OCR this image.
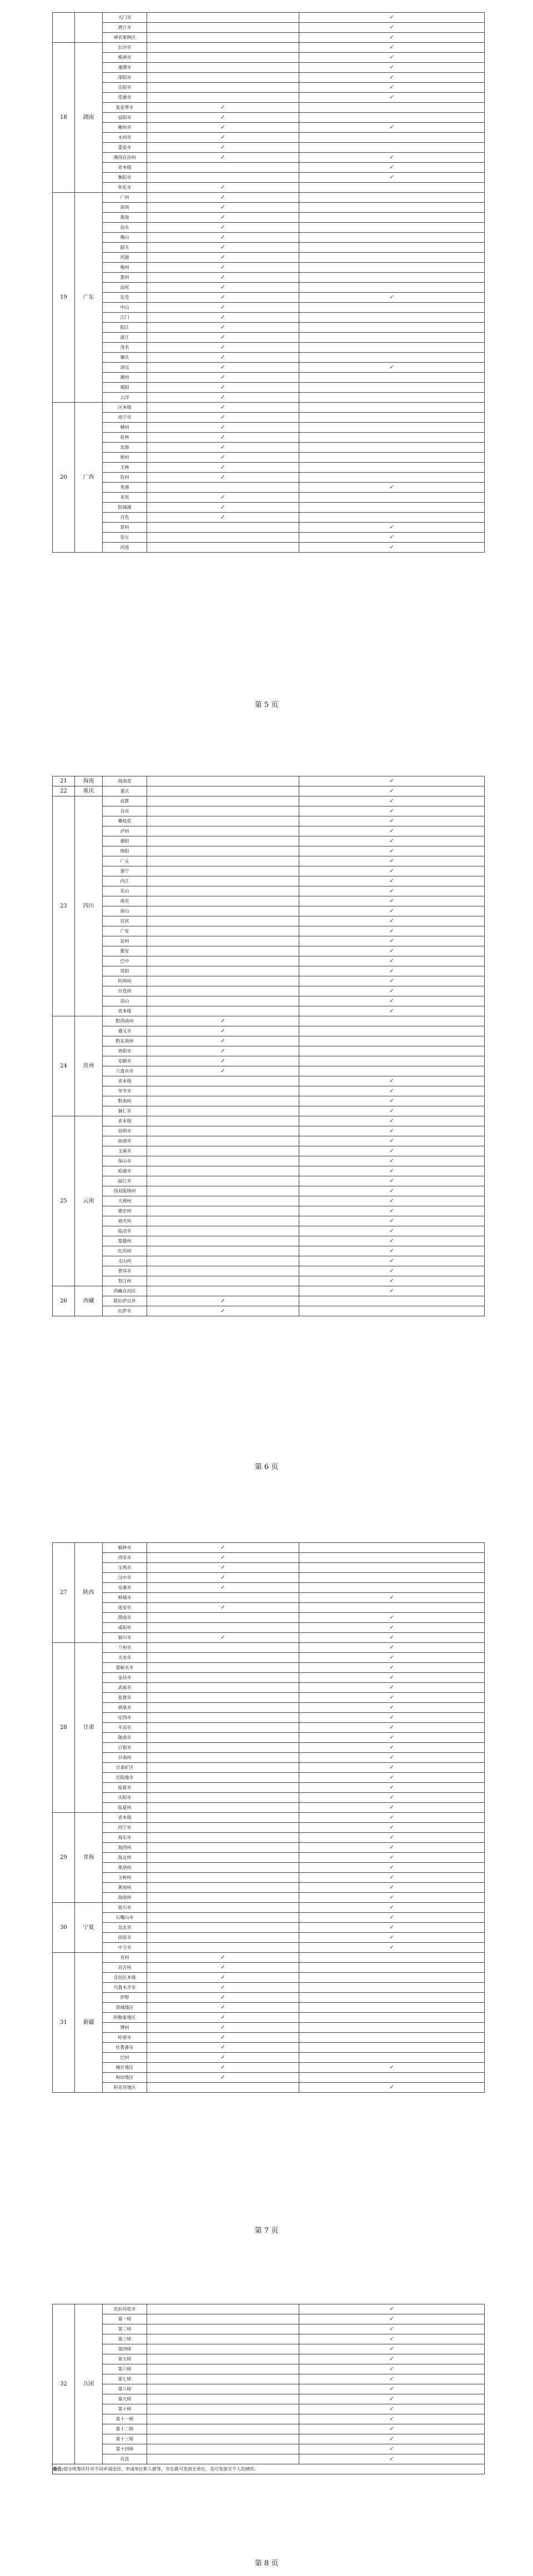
		天门市		✓
		潜江市		✓
		神农架林区		✓
18	湖南	长沙市		✓
		株洲市		✓
		湘潭市		✓
		邵阳市		✓
		岳阳市		✓
		常德市		✓
		张家界市	✓	
		益阳市	✓	
		郴州市	✓	✓
		永州市	✓	
		娄底市	✓	
		湘西自治州	✓	✓
		省本级		✓
		衡阳市		✓
		怀化市	✓	
19	广东	广州	✓	
		深圳	✓	
		珠海	✓	
		汕头	✓	
		佛山	✓	
		韶关	✓	
		河源	✓	
		梅州	✓	
		惠州	✓	
		汕尾	✓	
		东莞	✓	✓
		中山	✓	
		江门	✓	
		阳江	✓	
		湛江	✓	
		茂名	✓	
		肇庆	✓	
		清远	✓	✓
		潮州	✓	
		揭阳	✓	
		云浮	✓	
20	广西	区本级	✓	
		南宁市	✓	
		柳州	✓	
		桂林	✓	
		北海	✓	
		梧州	✓	
		玉林	✓	
		钦州	✓	
		贵港		✓
		来宾	✓	
		防城港	✓	
		百色	✓	
		贺州		✓
		崇左		✓
		河池		✓
第 5 页
21	海南	海南省		✓
22	重庆	重庆		✓
23	四川	成都		✓
		自贡		✓
		攀枝花		✓
		泸州		✓
		德阳		✓
		绵阳		✓
		广元		✓
		遂宁		✓
		内江		✓
		乐山		✓
		南充		✓
		眉山		✓
		宜宾		✓
		广安		✓
		达州		✓
		雅安		✓
		巴中		✓
		资阳		✓
		阿坝州		✓
		甘孜州		✓
		凉山		✓
		省本级		✓
24	贵州	黔西南州	✓	
		遵义市	✓	
		黔东南州	✓	
		贵阳市	✓	
		安顺市	✓	
		六盘水市	✓	
		省本级		✓
		毕节市		✓
		黔南州		✓
		铜仁市		✓
25	云南	省本级		✓
		昆明市		✓
		曲靖市		✓
		玉溪市		✓
		保山市		✓
		昭通市		✓
		丽江市		✓
		西双版纳州		✓
		大理州		✓
		德宏州		✓
		迪庆州		✓
		临沧市		✓
		楚雄州		✓
		红河州		✓
		文山州		✓
		普洱市		✓
		怒江州		✓
26	西藏	西藏自治区		✓
		除拉萨以外	✓	
		拉萨市	✓	
第 6 页
27	陕西	榆林市	✓	
		西安市	✓	
		宝鸡市	✓	
		汉中市	✓	
		安康市	✓	
		韩城市		✓
		延安市	✓	
		渭南市		✓
		咸阳市		✓
		铜川市	✓	✓
28	甘肃	兰州市		✓
		天水市		✓
		嘉峪关市		✓
		金昌市		✓
		武威市		✓
		张掖市		✓
		酒泉市		✓
		定西市		✓
		平凉市		✓
		陇南市		✓
		白银市		✓
		甘南州		✓
		甘肃矿区		✓
		庆阳地市		✓
		临夏市		✓
		庆阳市		✓
		临夏州		✓
29	青海	省本级		✓
		西宁市		✓
		海东市		✓
		海西州		✓
		海北州		✓
		果洛州		✓
		玉树州		✓
		黄南州		✓
		海南州		✓
30	宁夏	银川市		✓
		石嘴山市		✓
		吴忠市		✓
		固原市		✓
		中卫市		✓
31	新疆	克州	✓	
		昌吉州	✓	
		自治区本级	✓	
		乌鲁木齐市	✓	
		伊犁	✓	
		塔城地区	✓	
		阿勒泰地区	✓	
		博州	✓	
		哈密市	✓	
		吐鲁番市	✓	
		巴州	✓	
		喀什地区	✓	✓
		和田地区	✓	
		阿克苏地区		✓
第 7 页
32	兵团	克拉玛依市		✓
		第一师		✓
		第二师		✓
		第三师		✓
		第四师		✓
		第五师		✓
		第六师		✓
		第七师		✓
		第八师		✓
		第九师		✓
		第十师		✓
		第十一师		✓
		第十二师		✓
		第十三师		✓
		第十四师		✓
		兵直		✓
备注:部分统筹区针对不同申请途径、申请单位和人群等，存在既可发放至单位，也可发放至个人的情形。				
第 8 页
